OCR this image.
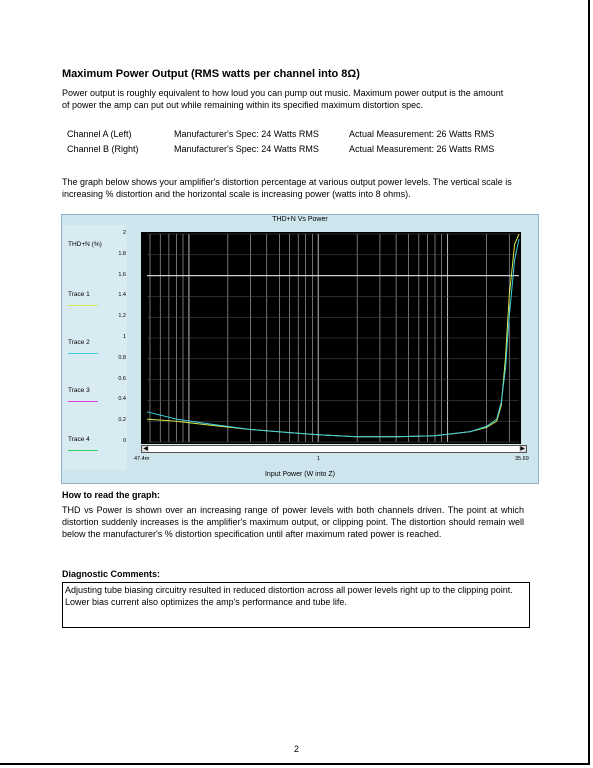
Maximum Power Output (RMS watts per channel into 8Ω)
Power output is roughly equivalent to how loud you can pump out music. Maximum power output is the amount of power the amp can put out while remaining within its specified maximum distortion spec.
Channel A (Left)	Manufacturer's Spec: 24 Watts RMS	Actual Measurement: 26 Watts RMS
Channel B (Right)	Manufacturer's Spec: 24 Watts RMS	Actual Measurement: 26 Watts RMS
The graph below shows your amplifier's distortion percentage at various output power levels. The vertical scale is increasing % distortion and the horizontal scale is increasing power (watts into 8 ohms).
THD+N Vs Power
THD+N (%)
Trace 1
Trace 2
Trace 3
Trace 4
2
1.8
1.6
1.4
1.2
1
0.8
0.6
0.4
0.2
0
◀	▶
47.4m	1	35.69
Input Power (W into Z)
How to read the graph:
THD vs Power is shown over an increasing range of power levels with both channels driven. The point at which distortion suddenly increases is the amplifier's maximum output, or clipping point. The distortion should remain well below the manufacturer's % distortion specification until after maximum rated power is reached.
Diagnostic Comments:
Adjusting tube biasing circuitry resulted in reduced distortion across all power levels right up to the clipping point. Lower bias current also optimizes the amp's performance and tube life.
2
